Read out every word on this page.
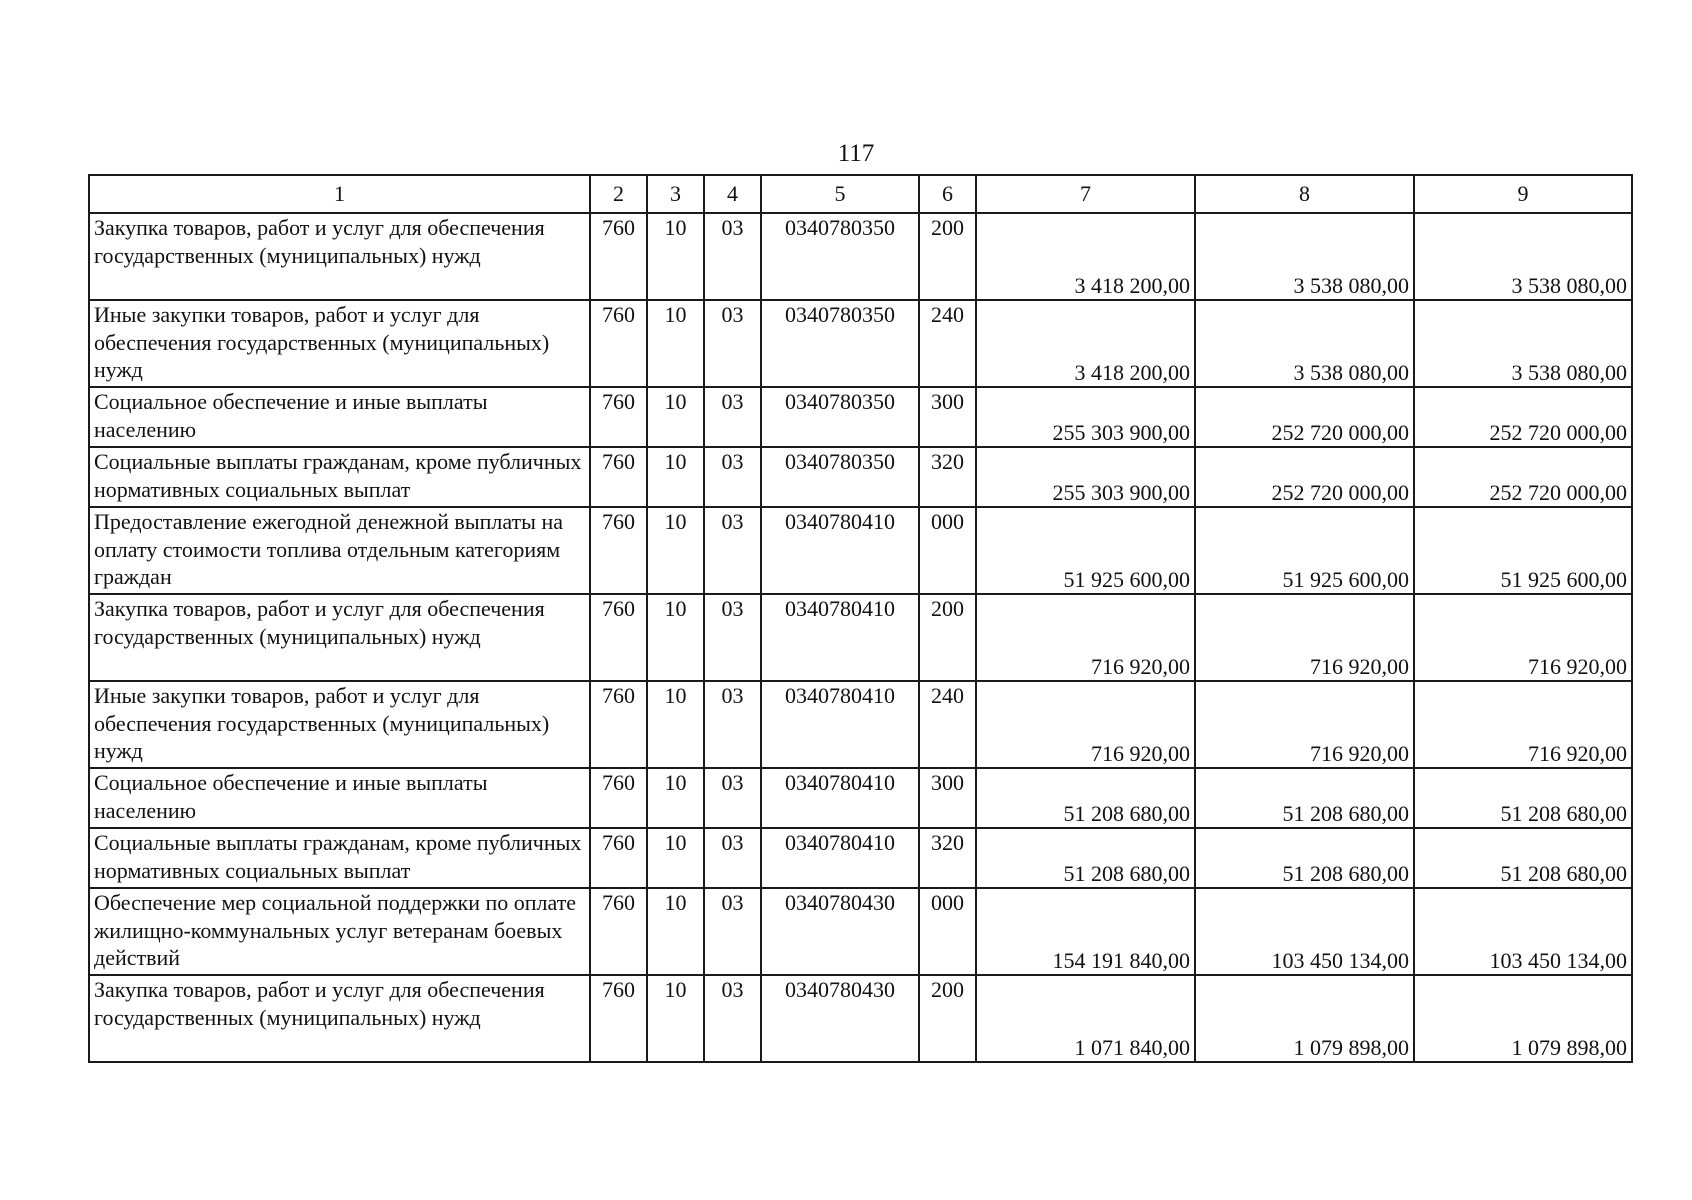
117
1	2	3	4	5	6	7	8	9
Закупка товаров, работ и услуг для обеспечения государственных (муниципальных) нужд	760	10	03	0340780350	200	3 418 200,00	3 538 080,00	3 538 080,00
Иные закупки товаров, работ и услуг для обеспечения государственных (муниципальных) нужд	760	10	03	0340780350	240	3 418 200,00	3 538 080,00	3 538 080,00
Социальное обеспечение и иные выплаты населению	760	10	03	0340780350	300	255 303 900,00	252 720 000,00	252 720 000,00
Социальные выплаты гражданам, кроме публичных нормативных социальных выплат	760	10	03	0340780350	320	255 303 900,00	252 720 000,00	252 720 000,00
Предоставление ежегодной денежной выплаты на оплату стоимости топлива отдельным категориям граждан	760	10	03	0340780410	000	51 925 600,00	51 925 600,00	51 925 600,00
Закупка товаров, работ и услуг для обеспечения государственных (муниципальных) нужд	760	10	03	0340780410	200	716 920,00	716 920,00	716 920,00
Иные закупки товаров, работ и услуг для обеспечения государственных (муниципальных) нужд	760	10	03	0340780410	240	716 920,00	716 920,00	716 920,00
Социальное обеспечение и иные выплаты населению	760	10	03	0340780410	300	51 208 680,00	51 208 680,00	51 208 680,00
Социальные выплаты гражданам, кроме публичных нормативных социальных выплат	760	10	03	0340780410	320	51 208 680,00	51 208 680,00	51 208 680,00
Обеспечение мер социальной поддержки по оплате жилищно-коммунальных услуг ветеранам боевых действий	760	10	03	0340780430	000	154 191 840,00	103 450 134,00	103 450 134,00
Закупка товаров, работ и услуг для обеспечения государственных (муниципальных) нужд	760	10	03	0340780430	200	1 071 840,00	1 079 898,00	1 079 898,00
